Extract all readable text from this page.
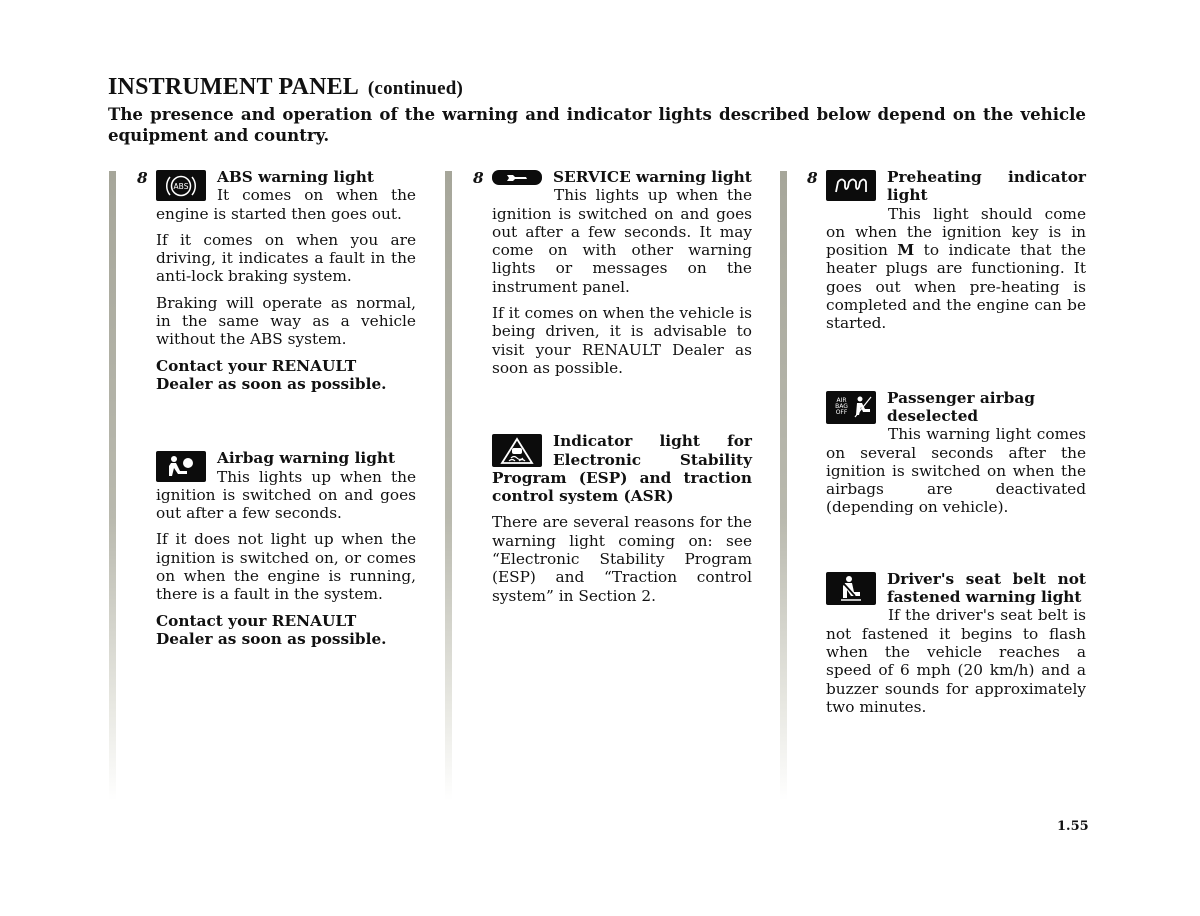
INSTRUMENT PANEL (continued)

The presence and operation of the warning and indicator lights described below depend on the vehicle equipment and country.

8	ABS	ABS warning light

It comes on when the engine is started then goes out.

If it comes on when you are driving, it indicates a fault in the anti-lock braking system.

Braking will operate as normal, in the same way as a vehicle without the ABS system.

Contact your RENAULT Dealer as soon as possible.

Airbag warning light

This lights up when the ignition is switched on and goes out after a few seconds.

If it does not light up when the ignition is switched on, or comes on when the engine is running, there is a fault in the system.

Contact your RENAULT Dealer as soon as possible.

8	SERVICE warning light

This lights up when the ignition is switched on and goes out after a few seconds. It may come on with other warning lights or messages on the instrument panel.

If it comes on when the vehicle is being driven, it is advisable to visit your RENAULT Dealer as soon as possible.

Indicator light for Electronic Stability Program (ESP) and traction control system (ASR)

There are several reasons for the warning light coming on: see “Electronic Stability Program (ESP) and “Traction control system” in Section 2.

8	Preheating indicator light

This light should come on when the ignition key is in position M to indicate that the heater plugs are functioning. It goes out when pre-heating is completed and the engine can be started.

AIR BAG OFF

Passenger airbag deselected

This warning light comes on several seconds after the ignition is switched on when the airbags are deactivated (depending on vehicle).

Driver's seat belt not fastened warning light

If the driver's seat belt is not fastened it begins to flash when the vehicle reaches a speed of 6 mph (20 km/h) and a buzzer sounds for approximately two minutes.

1.55
